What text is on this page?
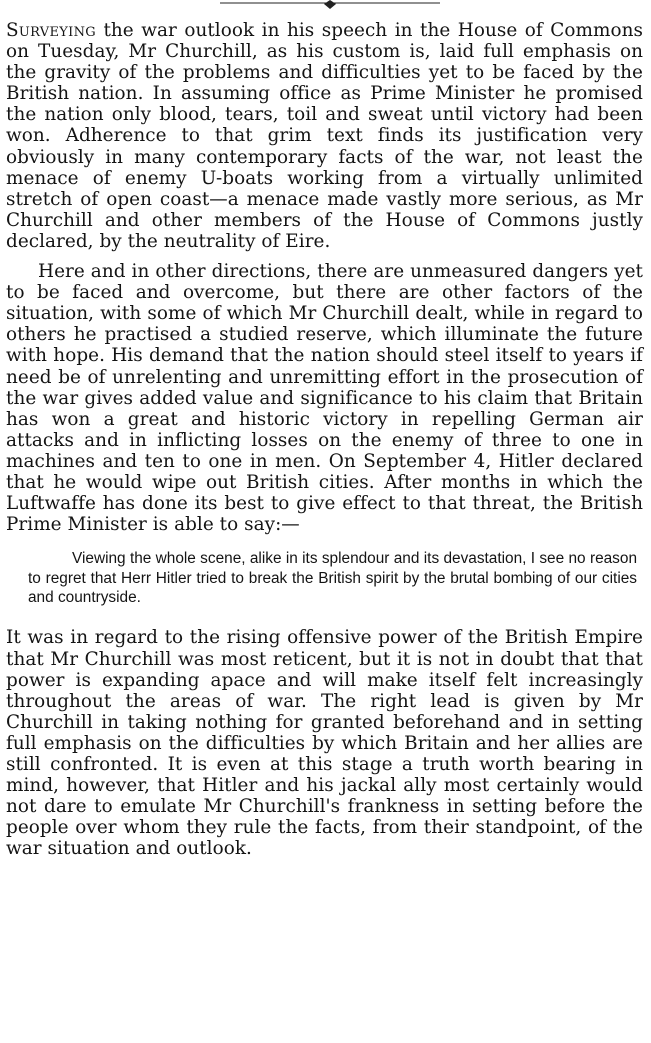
Surveying the war outlook in his speech in the House of Commons on Tuesday, Mr Churchill, as his custom is, laid full emphasis on the gravity of the problems and difficulties yet to be faced by the British nation. In assuming office as Prime Minister he promised the nation only blood, tears, toil and sweat until victory had been won. Adherence to that grim text finds its justification very obviously in many contemporary facts of the war, not least the menace of enemy U-boats working from a virtually unlimited stretch of open coast—a menace made vastly more serious, as Mr Churchill and other members of the House of Commons justly declared, by the neutrality of Eire.

Here and in other directions, there are unmeasured dangers yet to be faced and overcome, but there are other factors of the situation, with some of which Mr Churchill dealt, while in regard to others he practised a studied reserve, which illuminate the future with hope. His demand that the nation should steel itself to years if need be of unrelenting and unremitting effort in the prosecution of the war gives added value and significance to his claim that Britain has won a great and historic victory in repelling German air attacks and in inflicting losses on the enemy of three to one in machines and ten to one in men. On September 4, Hitler declared that he would wipe out British cities. After months in which the Luftwaffe has done its best to give effect to that threat, the British Prime Minister is able to say:—

Viewing the whole scene, alike in its splendour and its devastation, I see no reason to regret that Herr Hitler tried to break the British spirit by the brutal bombing of our cities and countryside.

It was in regard to the rising offensive power of the British Empire that Mr Churchill was most reticent, but it is not in doubt that that power is expanding apace and will make itself felt increasingly throughout the areas of war. The right lead is given by Mr Churchill in taking nothing for granted beforehand and in setting full emphasis on the difficulties by which Britain and her allies are still confronted. It is even at this stage a truth worth bearing in mind, however, that Hitler and his jackal ally most certainly would not dare to emulate Mr Churchill's frankness in setting before the people over whom they rule the facts, from their standpoint, of the war situation and outlook.
